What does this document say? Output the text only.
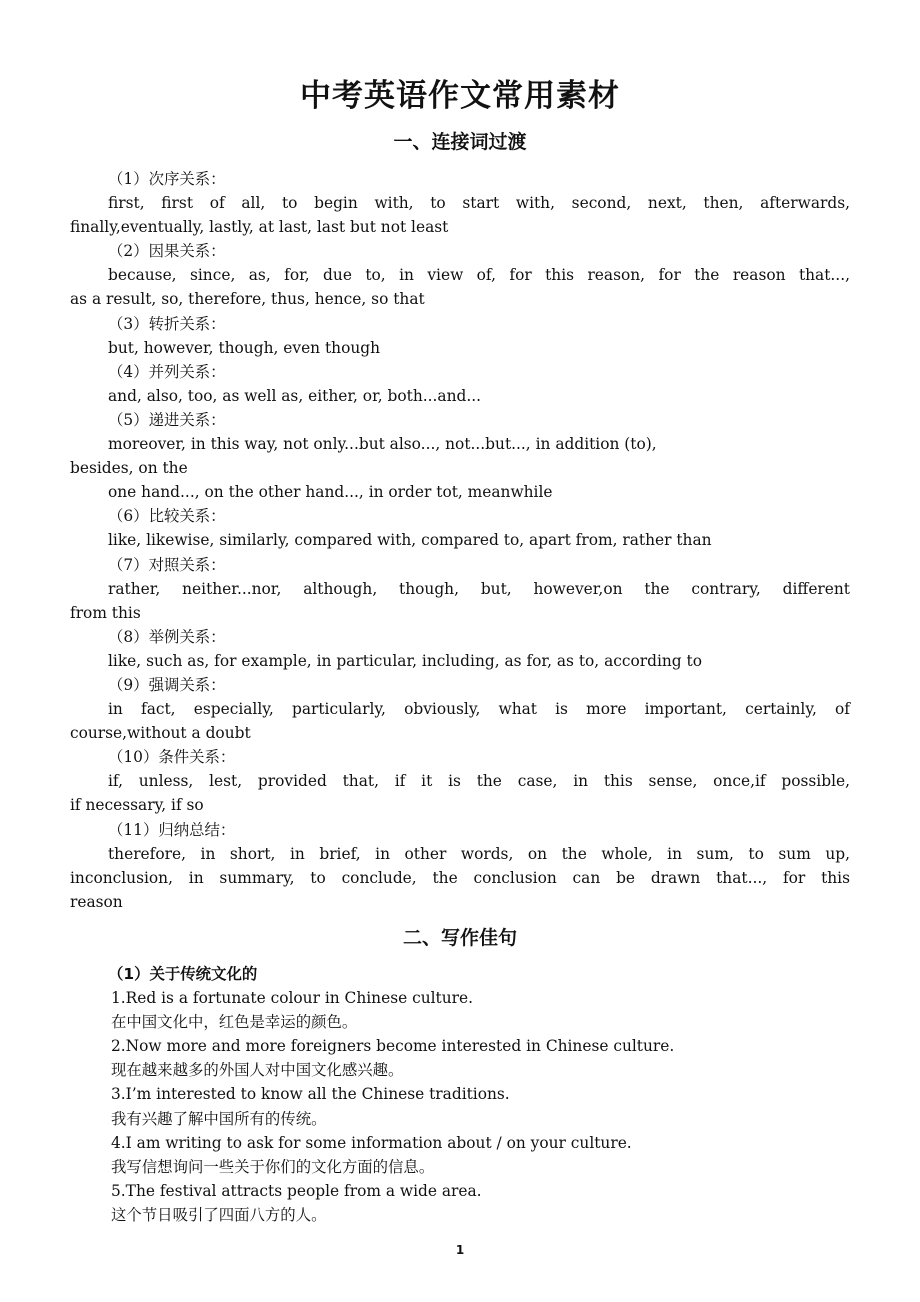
中考英语作文常用素材
一、连接词过渡
（1）次序关系：
first, first of all, to begin with, to start with, second, next, then, afterwards,
finally,eventually, lastly, at last, last but not least
（2）因果关系：
because, since, as, for, due to, in view of, for this reason, for the reason that...,
as a result, so, therefore, thus, hence, so that
（3）转折关系：
but, however, though, even though
（4）并列关系：
and, also, too, as well as, either, or, both...and...
（5）递进关系：
moreover, in this way, not only...but also..., not...but..., in addition (to),
besides, on the
one hand..., on the other hand..., in order tot, meanwhile
（6）比较关系：
like, likewise, similarly, compared with, compared to, apart from, rather than
（7）对照关系：
rather, neither...nor, although, though, but, however,on the contrary, different
from this
（8）举例关系：
like, such as, for example, in particular, including, as for, as to, according to
（9）强调关系：
in fact, especially, particularly, obviously, what is more important, certainly, of
course,without a doubt
（10）条件关系：
if, unless, lest, provided that, if it is the case, in this sense, once,if possible,
if necessary, if so
（11）归纳总结：
therefore, in short, in brief, in other words, on the whole, in sum, to sum up,
inconclusion, in summary, to conclude, the conclusion can be drawn that..., for this
reason
二、写作佳句
（1）关于传统文化的
1.Red is a fortunate colour in Chinese culture.
在中国文化中，红色是幸运的颜色。
2.Now more and more foreigners become interested in Chinese culture.
现在越来越多的外国人对中国文化感兴趣。
3.I’m interested to know all the Chinese traditions.
我有兴趣了解中国所有的传统。
4.I am writing to ask for some information about / on your culture.
我写信想询问一些关于你们的文化方面的信息。
5.The festival attracts people from a wide area.
这个节日吸引了四面八方的人。
1
